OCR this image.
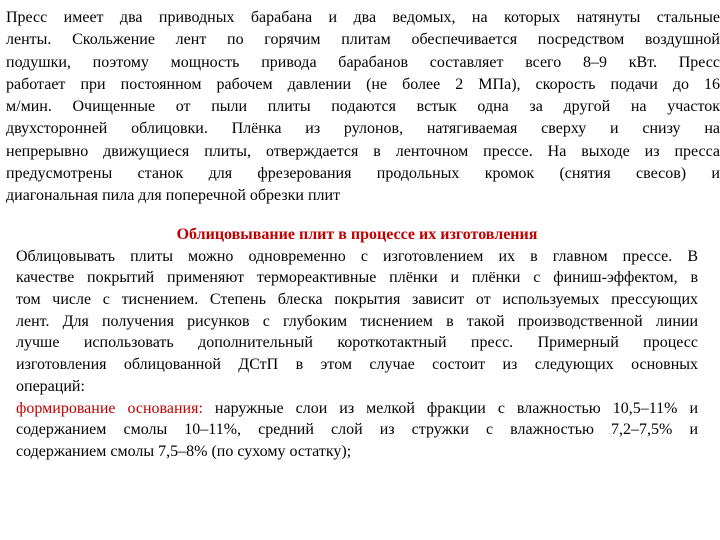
Пресс имеет два приводных барабана и два ведомых, на которых натянуты стальные
ленты. Скольжение лент по горячим плитам обеспечивается посредством воздушной
подушки, поэтому мощность привода барабанов составляет всего 8–9 кВт. Пресс
работает при постоянном рабочем давлении (не более 2 МПа), скорость подачи до 16
м/мин. Очищенные от пыли плиты подаются встык одна за другой на участок
двухсторонней облицовки. Плёнка из рулонов, натягиваемая сверху и снизу на
непрерывно движущиеся плиты, отверждается в ленточном прессе. На выходе из пресса
предусмотрены станок для фрезерования продольных кромок (снятия свесов) и
диагональная пила для поперечной обрезки плит
Облицовывание плит в процессе их изготовления
Облицовывать плиты можно одновременно с изготовлением их в главном прессе. В
качестве покрытий применяют термореактивные плёнки и плёнки с финиш-эффектом, в
том числе с тиснением. Степень блеска покрытия зависит от используемых прессующих
лент. Для получения рисунков с глубоким тиснением в такой производственной линии
лучше использовать дополнительный короткотактный пресс. Примерный процесс
изготовления облицованной ДСтП в этом случае состоит из следующих основных
операций:
формирование основания: наружные слои из мелкой фракции с влажностью 10,5–11% и
содержанием смолы 10–11%, средний слой из стружки с влажностью 7,2–7,5% и
содержанием смолы 7,5–8% (по сухому остатку);
